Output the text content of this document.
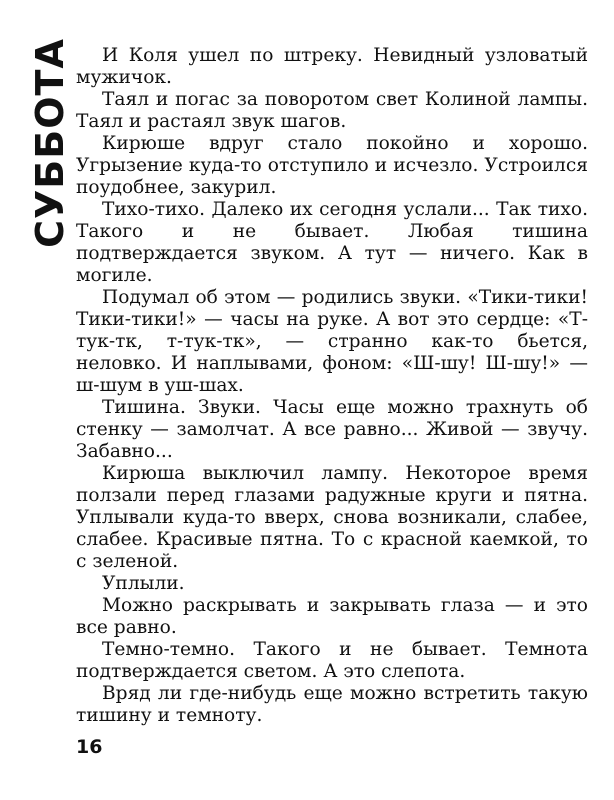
СУББОТА	И Коля ушел по штреку. Невидный узловатый мужичок.

Таял и погас за поворотом свет Колиной лампы. Таял и растаял звук шагов.

Кирюше вдруг стало покойно и хорошо. Угрызение куда-то отступило и исчезло. Устроился поудобнее, закурил.

Тихо-тихо. Далеко их сегодня услали... Так тихо. Такого и не бывает. Любая тишина подтверждается звуком. А тут — ничего. Как в могиле.

Подумал об этом — родились звуки. «Тики-тики! Тики-тики!» — часы на руке. А вот это сердце: «Т-тук-тк, т-тук-тк», — странно как-то бьется, неловко. И наплывами, фоном: «Ш-шу! Ш-шу!» — ш-шум в уш-шах.

Тишина. Звуки. Часы еще можно трахнуть об стенку — замолчат. А все равно... Живой — звучу. Забавно...

Кирюша выключил лампу. Некоторое время ползали перед глазами радужные круги и пятна. Уплывали куда-то вверх, снова возникали, слабее, слабее. Красивые пятна. То с красной каемкой, то с зеленой.

Уплыли.

Можно раскрывать и закрывать глаза — и это все равно.

Темно-темно. Такого и не бывает. Темнота подтверждается светом. А это слепота.

Вряд ли где-нибудь еще можно встретить такую тишину и темноту.

16
